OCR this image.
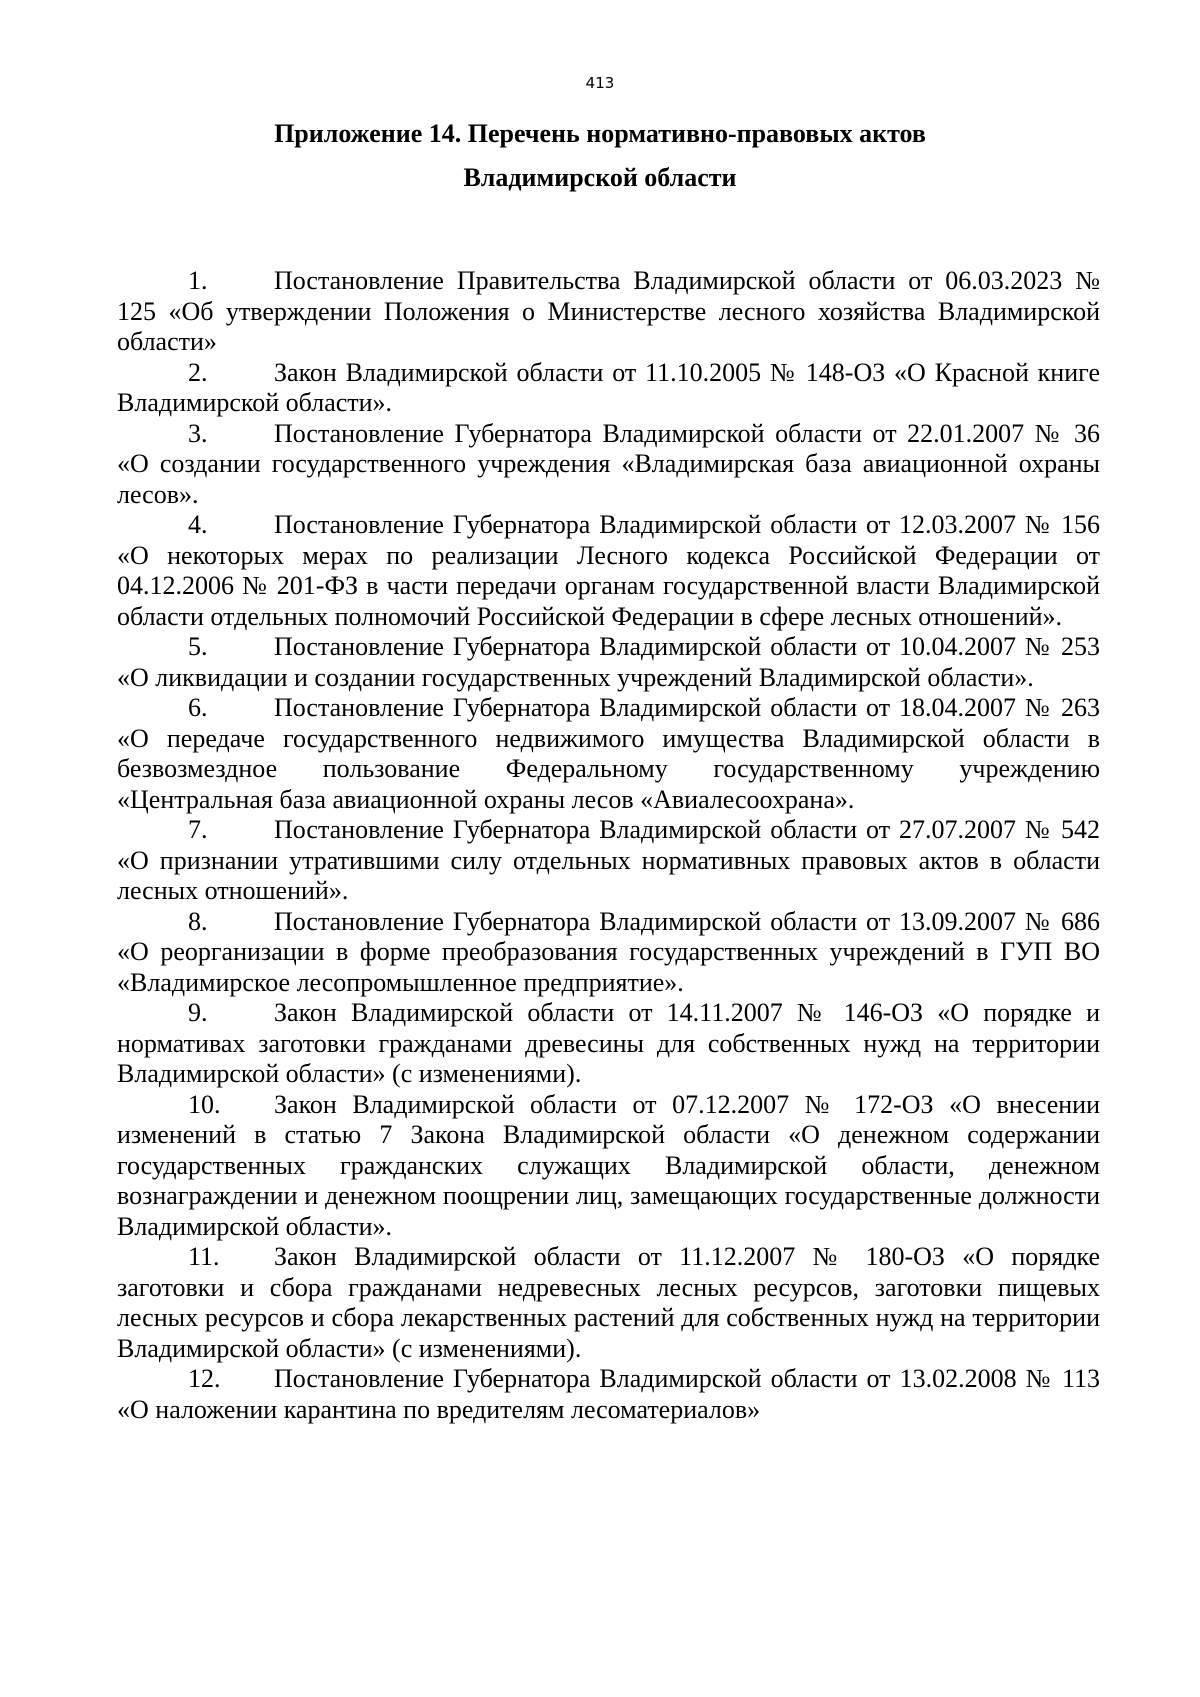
413
Приложение 14. Перечень нормативно-правовых актов
Владимирской области
1.	Постановление Правительства Владимирской области от 06.03.2023 № 125 «Об утверждении Положения о Министерстве лесного хозяйства Владимирской области»
2.	Закон Владимирской области от 11.10.2005 № 148-ОЗ «О Красной книге Владимирской области».
3.	Постановление Губернатора Владимирской области от 22.01.2007 № 36 «О создании государственного учреждения «Владимирская база авиационной охраны лесов».
4.	Постановление Губернатора Владимирской области от 12.03.2007 № 156 «О некоторых мерах по реализации Лесного кодекса Российской Федерации от 04.12.2006 № 201-ФЗ в части передачи органам государственной власти Владимирской области отдельных полномочий Российской Федерации в сфере лесных отношений».
5.	Постановление Губернатора Владимирской области от 10.04.2007 № 253 «О ликвидации и создании государственных учреждений Владимирской области».
6.	Постановление Губернатора Владимирской области от 18.04.2007 № 263 «О передаче государственного недвижимого имущества Владимирской области в безвозмездное пользование Федеральному государственному учреждению «Центральная база авиационной охраны лесов «Авиалесоохрана».
7.	Постановление Губернатора Владимирской области от 27.07.2007 № 542 «О признании утратившими силу отдельных нормативных правовых актов в области лесных отношений».
8.	Постановление Губернатора Владимирской области от 13.09.2007 № 686 «О реорганизации в форме преобразования государственных учреждений в ГУП ВО «Владимирское лесопромышленное предприятие».
9.	Закон Владимирской области от 14.11.2007 № 146-ОЗ «О порядке и нормативах заготовки гражданами древесины для собственных нужд на территории Владимирской области» (с изменениями).
10. Закон Владимирской области от 07.12.2007 № 172-ОЗ «О внесении изменений в статью 7 Закона Владимирской области «О денежном содержании государственных гражданских служащих Владимирской области, денежном вознаграждении и денежном поощрении лиц, замещающих государственные должности Владимирской области».
11. Закон Владимирской области от 11.12.2007 № 180-ОЗ «О порядке заготовки и сбора гражданами недревесных лесных ресурсов, заготовки пищевых лесных ресурсов и сбора лекарственных растений для собственных нужд на территории Владимирской области» (с изменениями).
12. Постановление Губернатора Владимирской области от 13.02.2008 № 113 «О наложении карантина по вредителям лесоматериалов»
